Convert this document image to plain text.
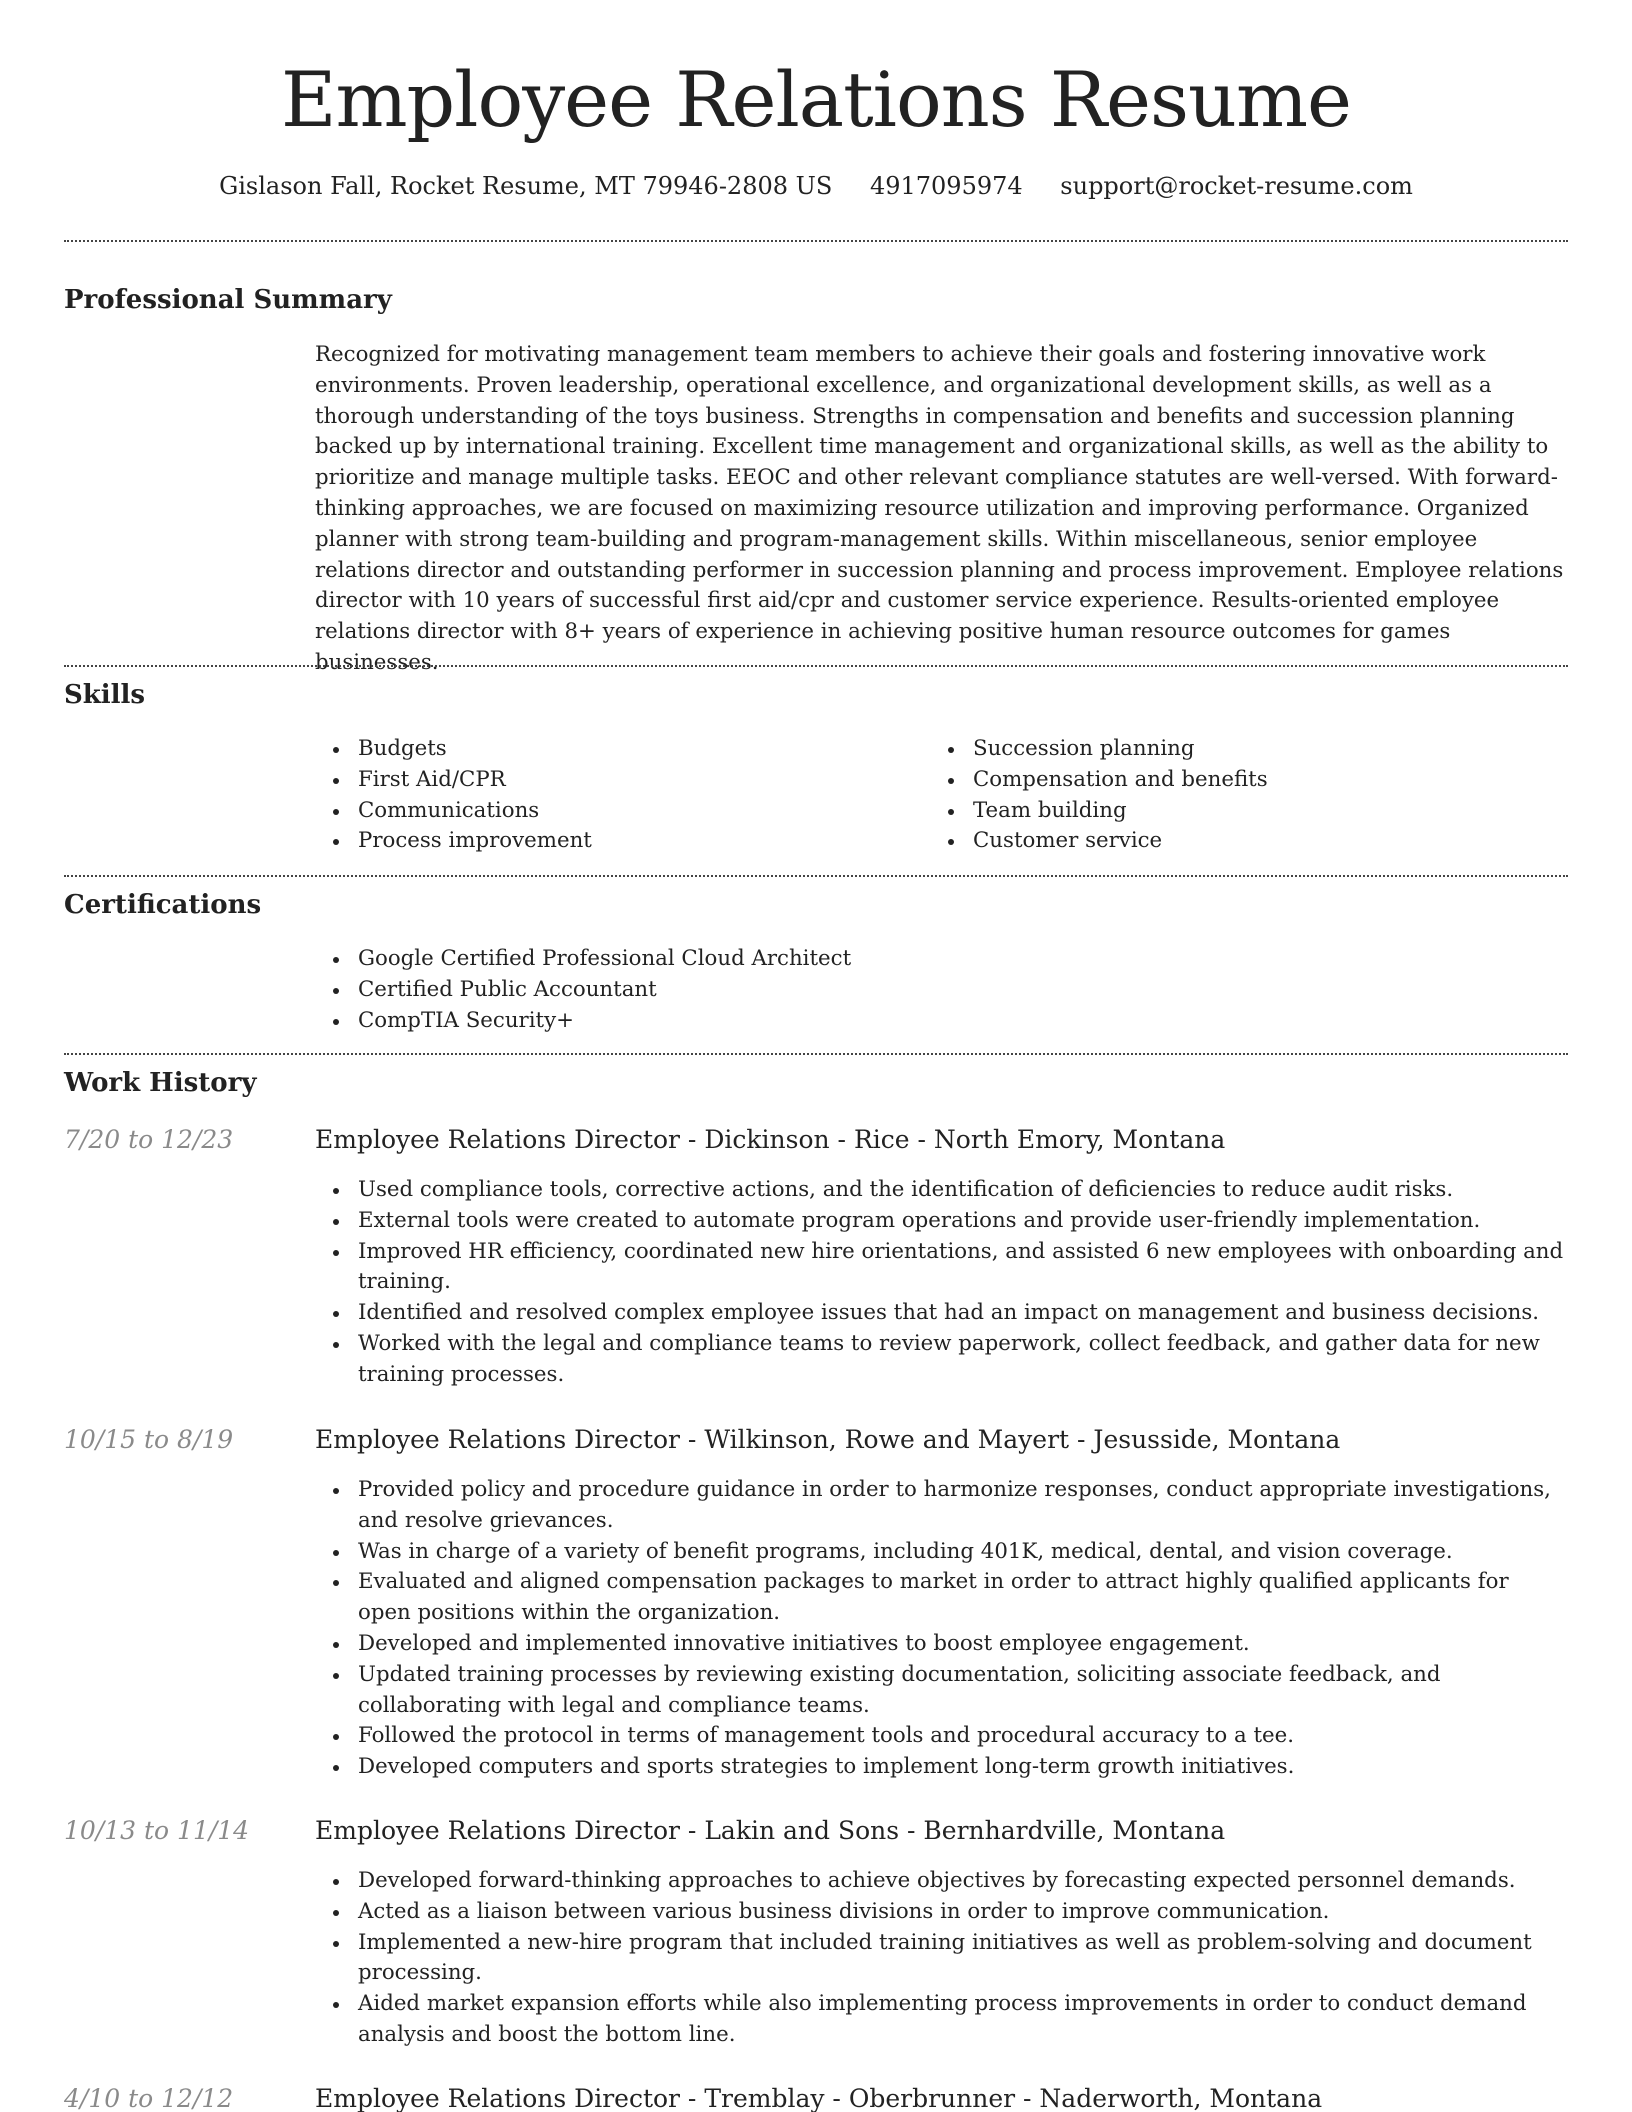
Employee Relations Resume
Gislason Fall, Rocket Resume, MT 79946-2808 US 4917095974 support@rocket-resume.com
Professional Summary

Recognized for motivating management team members to achieve their goals and fostering innovative work environments. Proven leadership, operational excellence, and organizational development skills, as well as a thorough understanding of the toys business. Strengths in compensation and benefits and succession planning backed up by international training. Excellent time management and organizational skills, as well as the ability to prioritize and manage multiple tasks. EEOC and other relevant compliance statutes are well-versed. With forward-thinking approaches, we are focused on maximizing resource utilization and improving performance. Organized planner with strong team-building and program-management skills. Within miscellaneous, senior employee relations director and outstanding performer in succession planning and process improvement. Employee relations director with 10 years of successful first aid/cpr and customer service experience. Results-oriented employee relations director with 8+ years of experience in achieving positive human resource outcomes for games businesses.

Skills
Budgets
First Aid/CPR
Communications
Process improvement
Succession planning
Compensation and benefits
Team building
Customer service
Certifications
Google Certified Professional Cloud Architect
Certified Public Accountant
CompTIA Security+
Work History
7/20 to 12/23	Employee Relations Director - Dickinson - Rice - North Emory, Montana
Used compliance tools, corrective actions, and the identification of deficiencies to reduce audit risks.
External tools were created to automate program operations and provide user-friendly implementation.
Improved HR efficiency, coordinated new hire orientations, and assisted 6 new employees with onboarding and training.
Identified and resolved complex employee issues that had an impact on management and business decisions.
Worked with the legal and compliance teams to review paperwork, collect feedback, and gather data for new training processes.
10/15 to 8/19	Employee Relations Director - Wilkinson, Rowe and Mayert - Jesusside, Montana
Provided policy and procedure guidance in order to harmonize responses, conduct appropriate investigations, and resolve grievances.
Was in charge of a variety of benefit programs, including 401K, medical, dental, and vision coverage.
Evaluated and aligned compensation packages to market in order to attract highly qualified applicants for open positions within the organization.
Developed and implemented innovative initiatives to boost employee engagement.
Updated training processes by reviewing existing documentation, soliciting associate feedback, and collaborating with legal and compliance teams.
Followed the protocol in terms of management tools and procedural accuracy to a tee.
Developed computers and sports strategies to implement long-term growth initiatives.
10/13 to 11/14	Employee Relations Director - Lakin and Sons - Bernhardville, Montana
Developed forward-thinking approaches to achieve objectives by forecasting expected personnel demands.
Acted as a liaison between various business divisions in order to improve communication.
Implemented a new-hire program that included training initiatives as well as problem-solving and document processing.
Aided market expansion efforts while also implementing process improvements in order to conduct demand analysis and boost the bottom line.
4/10 to 12/12	Employee Relations Director - Tremblay - Oberbrunner - Naderworth, Montana
